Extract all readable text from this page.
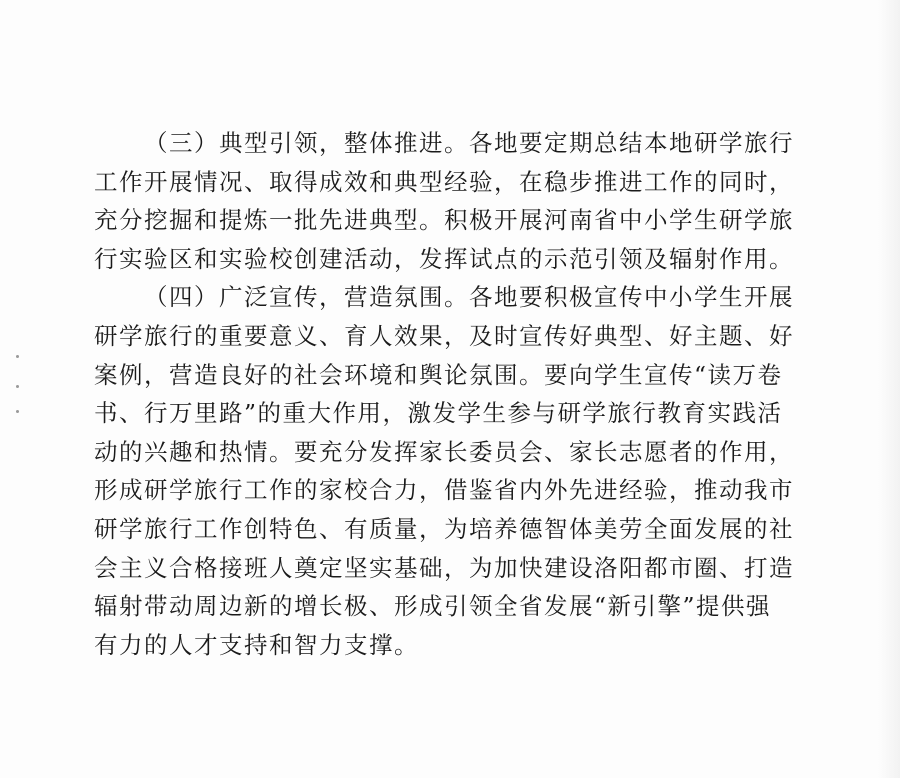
（三）典型引领，整体推进。各地要定期总结本地研学旅行
工作开展情况、取得成效和典型经验，在稳步推进工作的同时，
充分挖掘和提炼一批先进典型。积极开展河南省中小学生研学旅
行实验区和实验校创建活动，发挥试点的示范引领及辐射作用。
（四）广泛宣传，营造氛围。各地要积极宣传中小学生开展
研学旅行的重要意义、育人效果，及时宣传好典型、好主题、好
案例，营造良好的社会环境和舆论氛围。要向学生宣传“读万卷
书、行万里路”的重大作用，激发学生参与研学旅行教育实践活
动的兴趣和热情。要充分发挥家长委员会、家长志愿者的作用，
形成研学旅行工作的家校合力，借鉴省内外先进经验，推动我市
研学旅行工作创特色、有质量，为培养德智体美劳全面发展的社
会主义合格接班人奠定坚实基础，为加快建设洛阳都市圈、打造
辐射带动周边新的增长极、形成引领全省发展“新引擎”提供强
有力的人才支持和智力支撑。
